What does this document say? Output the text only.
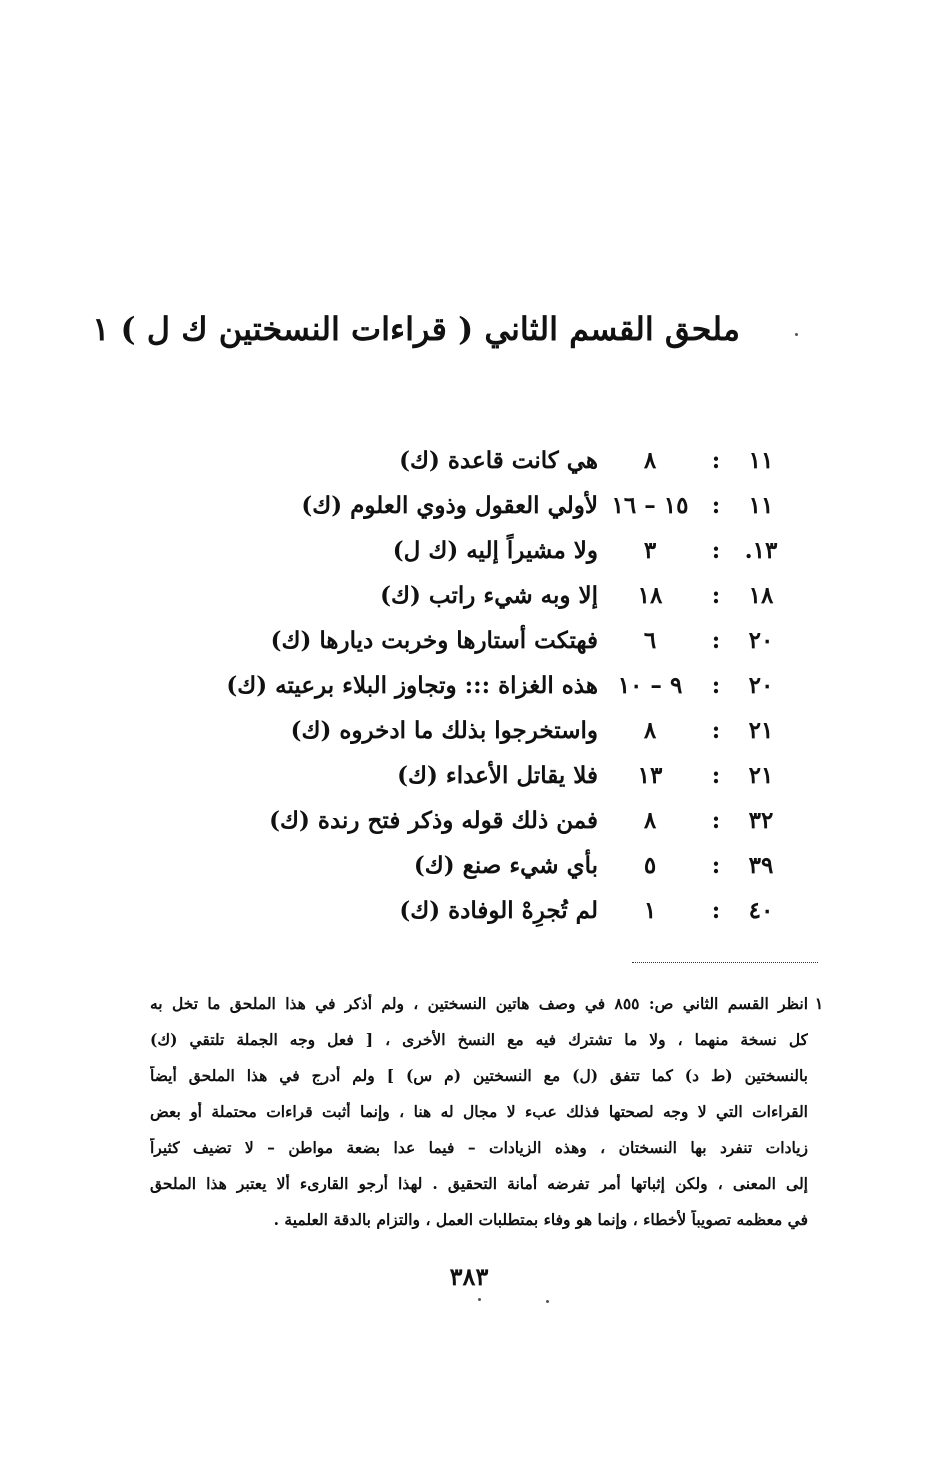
ملحق القسم الثاني ( قراءات النسختين ك ل ) ١
١١
:
٨
هي كانت قاعدة (ك)
١١
:
١٥ – ١٦
لأولي العقول وذوي العلوم (ك)
١٣.
:
٣
ولا مشيراً إليه (ك ل)
١٨
:
١٨
إلا وبه شيء راتب (ك)
٢٠
:
٦
فهتكت أستارها وخربت ديارها (ك)
٢٠
:
٩ – ١٠
هذه الغزاة ::: وتجاوز البلاء برعيته (ك)
٢١
:
٨
واستخرجوا بذلك ما ادخروه (ك)
٢١
:
١٣
فلا يقاتل الأعداء (ك)
٣٢
:
٨
فمن ذلك قوله وذكر فتح رندة (ك)
٣٩
:
٥
بأي شيء صنع (ك)
٤٠
:
١
لم تُجرِهْ الوفادة (ك)
١
انظر القسم الثاني ص: ٨٥٥ في وصف هاتين النسختين ، ولم أذكر في هذا الملحق ما تخل به
كل نسخة منهما ، ولا ما تشترك فيه مع النسخ الأخرى ، [ فعل وجه الجملة تلتقي (ك)
بالنسختين (ط د) كما تتفق (ل) مع النسختين (م س) ] ولم أدرج في هذا الملحق أيضاً
القراءات التي لا وجه لصحتها فذلك عبء لا مجال له هنا ، وإنما أثبت قراءات محتملة أو بعض
زيادات تنفرد بها النسختان ، وهذه الزيادات – فيما عدا بضعة مواطن – لا تضيف كثيراً
إلى المعنى ، ولكن إثباتها أمر تفرضه أمانة التحقيق . لهذا أرجو القارىء ألا يعتبر هذا الملحق
في معظمه تصويباً لأخطاء ، وإنما هو وفاء بمتطلبات العمل ، والتزام بالدقة العلمية .
٣٨٣
